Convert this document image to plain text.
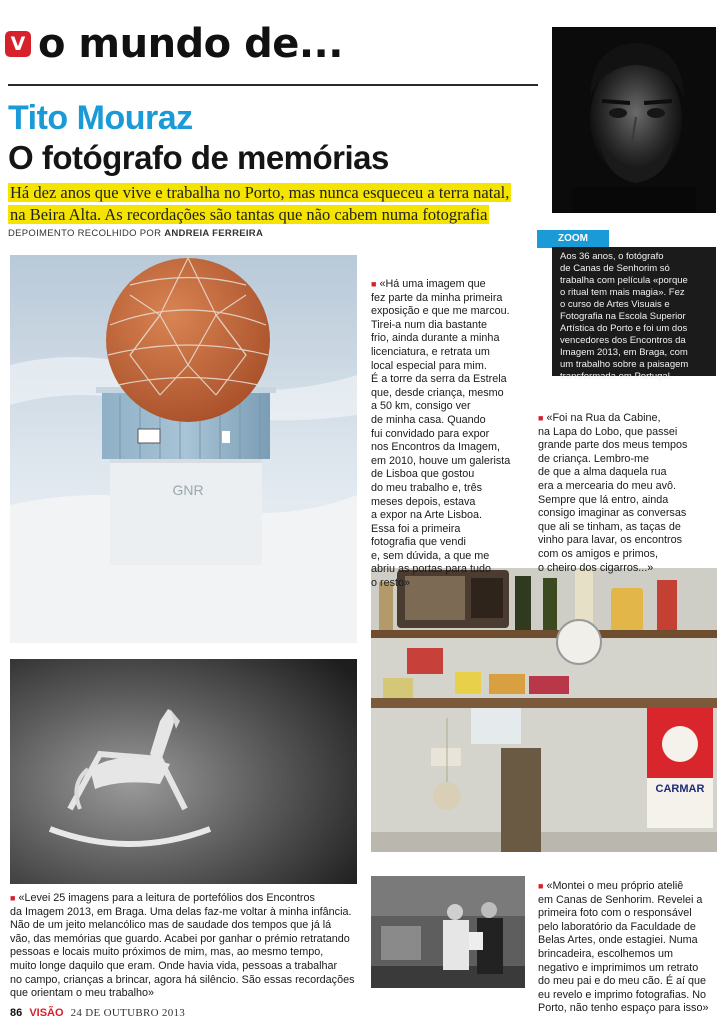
V o mundo de...
Tito Mouraz
O fotógrafo de memórias
Há dez anos que vive e trabalha no Porto, mas nunca esqueceu a terra natal, na Beira Alta. As recordações são tantas que não cabem numa fotografia
DEPOIMENTO RECOLHIDO POR ANDREIA FERREIRA	ZOOM

Aos 36 anos, o fotógrafo
de Canas de Senhorim só
trabalha com película «porque
o ritual tem mais magia». Fez
o curso de Artes Visuais e
Fotografia na Escola Superior
Artística do Porto e foi um dos
vencedores dos Encontros da
Imagem 2013, em Braga, com
um trabalho sobre a paisagem
transformada em Portugal.

GNR
CARMAR

■ «Há uma imagem que
fez parte da minha primeira
exposição e que me marcou.
Tirei-a num dia bastante
frio, ainda durante a minha
licenciatura, e retrata um
local especial para mim.
É a torre da serra da Estrela
que, desde criança, mesmo
a 50 km, consigo ver
de minha casa. Quando
fui convidado para expor
nos Encontros da Imagem,
em 2010, houve um galerista
de Lisboa que gostou
do meu trabalho e, três
meses depois, estava
a expor na Arte Lisboa.
Essa foi a primeira
fotografia que vendi
e, sem dúvida, a que me
abriu as portas para tudo
o resto»

■ «Foi na Rua da Cabine,
na Lapa do Lobo, que passei
grande parte dos meus tempos
de criança. Lembro-me
de que a alma daquela rua
era a mercearia do meu avô.
Sempre que lá entro, ainda
consigo imaginar as conversas
que ali se tinham, as taças de
vinho para lavar, os encontros
com os amigos e primos,
o cheiro dos cigarros...»

■ «Levei 25 imagens para a leitura de portefólios dos Encontros
da Imagem 2013, em Braga. Uma delas faz-me voltar à minha infância.
Não de um jeito melancólico mas de saudade dos tempos que já lá
vão, das memórias que guardo. Acabei por ganhar o prémio retratando
pessoas e locais muito próximos de mim, mas, ao mesmo tempo,
muito longe daquilo que eram. Onde havia vida, pessoas a trabalhar
no campo, crianças a brincar, agora há silêncio. São essas recordações
que orientam o meu trabalho»

■ «Montei o meu próprio ateliê
em Canas de Senhorim. Revelei a
primeira foto com o responsável
pelo laboratório da Faculdade de
Belas Artes, onde estagiei. Numa
brincadeira, escolhemos um
negativo e imprimimos um retrato
do meu pai e do meu cão. É aí que
eu revelo e imprimo fotografias. No
Porto, não tenho espaço para isso»

86 VISÃO 24 DE OUTUBRO 2013
